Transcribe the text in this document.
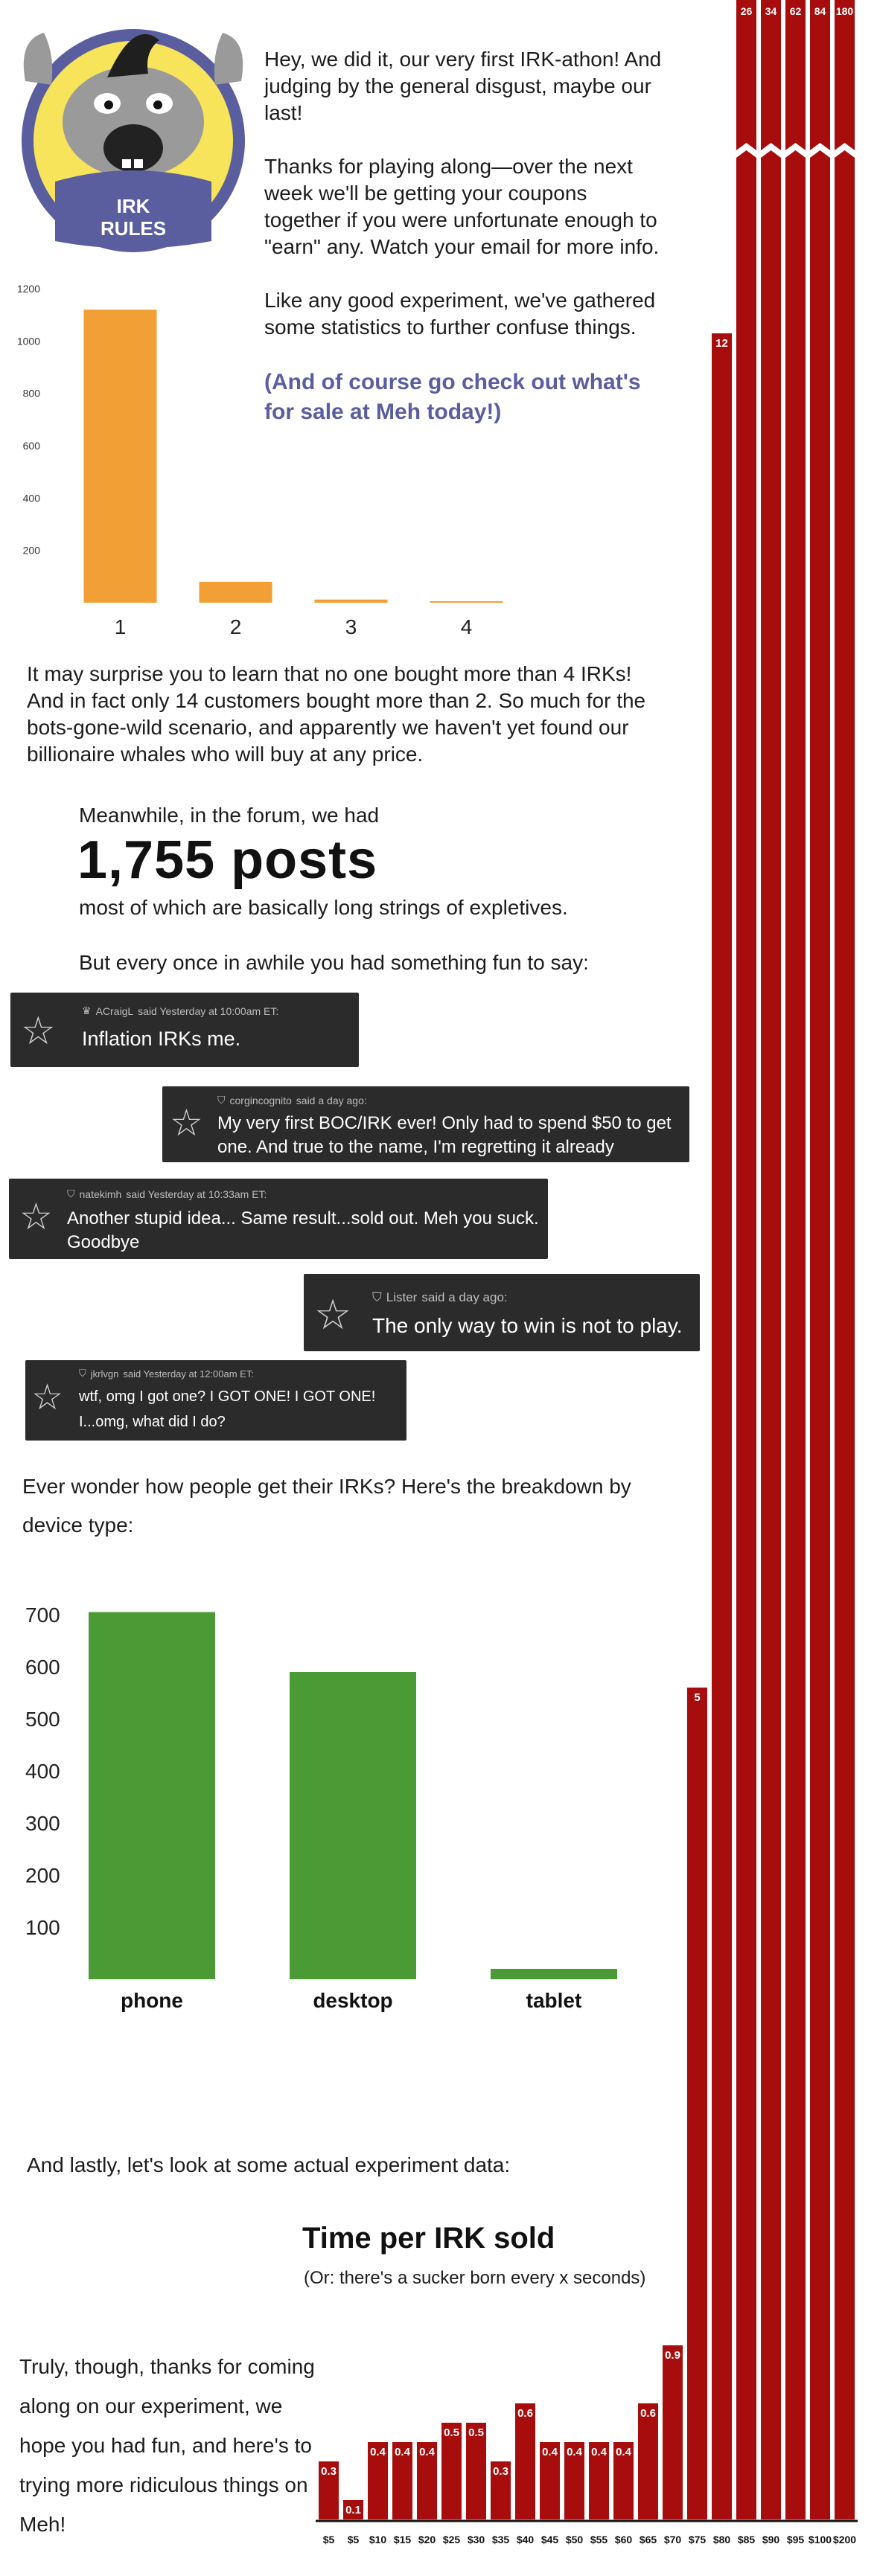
IRK
RULES
Hey, we did it, our very first IRK-athon! And judging by the general disgust, maybe our last!
Thanks for playing along—over the next week we'll be getting your coupons together if you were unfortunate enough to "earn" any. Watch your email for more info.
Like any good experiment, we've gathered some statistics to further confuse things.
(And of course go check out what's for sale at Meh today!)
200
400
600
800
1000
1200
1	2	3	4
It may surprise you to learn that no one bought more than 4 IRKs! And in fact only 14 customers bought more than 2. So much for the bots-gone-wild scenario, and apparently we haven't yet found our billionaire whales who will buy at any price.
Meanwhile, in the forum, we had
1,755 posts
most of which are basically long strings of expletives.
But every once in awhile you had something fun to say:
☆	♛ ACraigL said Yesterday at 10:00am ET:
Inflation IRKs me.
☆
⛉ corgincognito said a day ago:
My very first BOC/IRK ever! Only had to spend $50 to get one. And true to the name, I'm regretting it already
☆
⛉ natekimh said Yesterday at 10:33am ET:
Another stupid idea... Same result...sold out. Meh you suck. Goodbye
☆ ⛉ Lister said a day ago:
The only way to win is not to play.
☆
⛉ jkrlvgn said Yesterday at 12:00am ET:
wtf, omg I got one? I GOT ONE! I GOT ONE! I...omg, what did I do?
Ever wonder how people get their IRKs? Here's the breakdown by device type:
100
200
300
400
500
600
700
phone	desktop	tablet
And lastly, let's look at some actual experiment data:
Time per IRK sold
(Or: there's a sucker born every x seconds)
Truly, though, thanks for coming along on our experiment, we hope you had fun, and here's to trying more ridiculous things on Meh!
0.3
$5
0.1
$5
0.4
$10
0.4
$15
0.4
$20
0.5
$25
0.5
$30
0.3
$35
0.6
$40
0.4
$45
0.4
$50
0.4
$55
0.4
$60
0.6
$65
0.9
$70
5
$75
12
$80
26
$85
34
$90
62
$95
84
$100
180
$200
